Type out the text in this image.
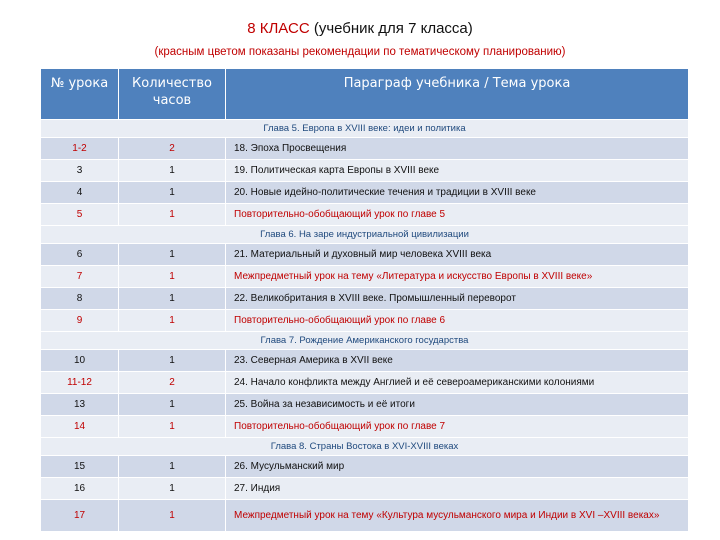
8 КЛАСС (учебник для 7 класса)
(красным цветом показаны рекомендации по тематическому планированию)
№ урока	Количество часов	Параграф учебника / Тема урока
Глава 5. Европа в XVIII веке: идеи и политика		
1-2	2	18. Эпоха Просвещения
3	1	19. Политическая карта Европы в XVIII веке
4	1	20. Новые идейно-политические течения и традиции в XVIII веке
5	1	Повторительно-обобщающий урок по главе 5
Глава 6. На заре индустриальной цивилизации		
6	1	21. Материальный и духовный мир человека XVIII века
7	1	Межпредметный урок на тему «Литература и искусство Европы в XVIII веке»
8	1	22. Великобритания в XVIII веке. Промышленный переворот
9	1	Повторительно-обобщающий урок по главе 6
Глава 7. Рождение Американского государства		
10	1	23. Северная Америка в XVII веке
11-12	2	24. Начало конфликта между Англией и её североамериканскими колониями
13	1	25. Война за независимость и её итоги
14	1	Повторительно-обобщающий урок по главе 7
Глава 8. Страны Востока в XVI-XVIII веках		
15	1	26. Мусульманский мир
16	1	27. Индия
17	1	Межпредметный урок на тему «Культура мусульманского мира и Индии в XVI –XVIII веках»
